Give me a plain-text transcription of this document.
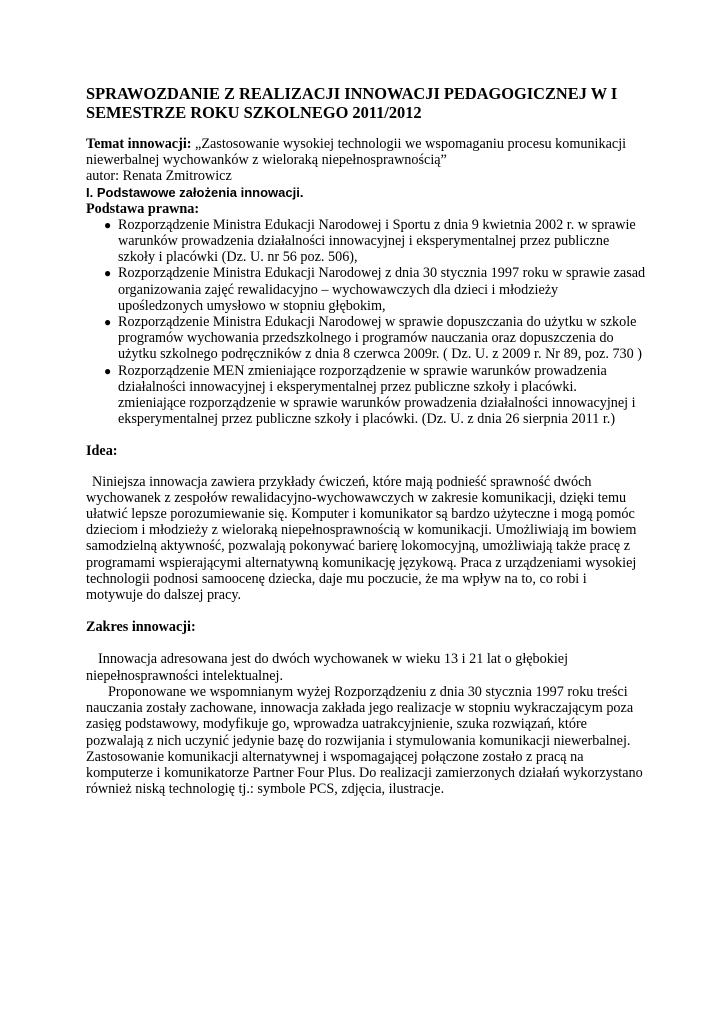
SPRAWOZDANIE Z REALIZACJI INNOWACJI PEDAGOGICZNEJ W I SEMESTRZE ROKU SZKOLNEGO 2011/2012

Temat innowacji: „Zastosowanie wysokiej technologii we wspomaganiu procesu komunikacji niewerbalnej wychowanków z wieloraką niepełnosprawnością”

autor: Renata Zmitrowicz

I. Podstawowe założenia innowacji.

Podstawa prawna:

● Rozporządzenie Ministra Edukacji Narodowej i Sportu z dnia 9 kwietnia 2002 r. w sprawie warunków prowadzenia działalności innowacyjnej i eksperymentalnej przez publiczne szkoły i placówki (Dz. U. nr 56 poz. 506),
● Rozporządzenie Ministra Edukacji Narodowej z dnia 30 stycznia 1997 roku w sprawie zasad organizowania zajęć rewalidacyjno – wychowawczych dla dzieci i młodzieży upośledzonych umysłowo w stopniu głębokim,
● Rozporządzenie Ministra Edukacji Narodowej w sprawie dopuszczania do użytku w szkole programów wychowania przedszkolnego i programów nauczania oraz dopuszczenia do użytku szkolnego podręczników z dnia 8 czerwca 2009r. ( Dz. U. z 2009 r. Nr 89, poz. 730 )
● Rozporządzenie MEN zmieniające rozporządzenie w sprawie warunków prowadzenia działalności innowacyjnej i eksperymentalnej przez publiczne szkoły i placówki. zmieniające rozporządzenie w sprawie warunków prowadzenia działalności innowacyjnej i eksperymentalnej przez publiczne szkoły i placówki. (Dz. U. z dnia 26 sierpnia 2011 r.)

Idea:

Niniejsza innowacja zawiera przykłady ćwiczeń, które mają podnieść sprawność dwóch wychowanek z zespołów rewalidacyjno-wychowawczych w zakresie komunikacji, dzięki temu ułatwić lepsze porozumiewanie się. Komputer i komunikator są bardzo użyteczne i mogą pomóc dzieciom i młodzieży z wieloraką niepełnosprawnością w komunikacji. Umożliwiają im bowiem samodzielną aktywność, pozwalają pokonywać barierę lokomocyjną, umożliwiają także pracę z programami wspierającymi alternatywną komunikację językową. Praca z urządzeniami wysokiej technologii podnosi samoocenę dziecka, daje mu poczucie, że ma wpływ na to, co robi i motywuje do dalszej pracy.

Zakres innowacji:

Innowacja adresowana jest do dwóch wychowanek w wieku 13 i 21 lat o głębokiej niepełnosprawności intelektualnej.

Proponowane we wspomnianym wyżej Rozporządzeniu z dnia 30 stycznia 1997 roku treści nauczania zostały zachowane, innowacja zakłada jego realizacje w stopniu wykraczającym poza zasięg podstawowy, modyfikuje go, wprowadza uatrakcyjnienie, szuka rozwiązań, które pozwalają z nich uczynić jedynie bazę do rozwijania i stymulowania komunikacji niewerbalnej. Zastosowanie komunikacji alternatywnej i wspomagającej połączone zostało z pracą na komputerze i komunikatorze Partner Four Plus. Do realizacji zamierzonych działań wykorzystano również niską technologię tj.: symbole PCS, zdjęcia, ilustracje.
